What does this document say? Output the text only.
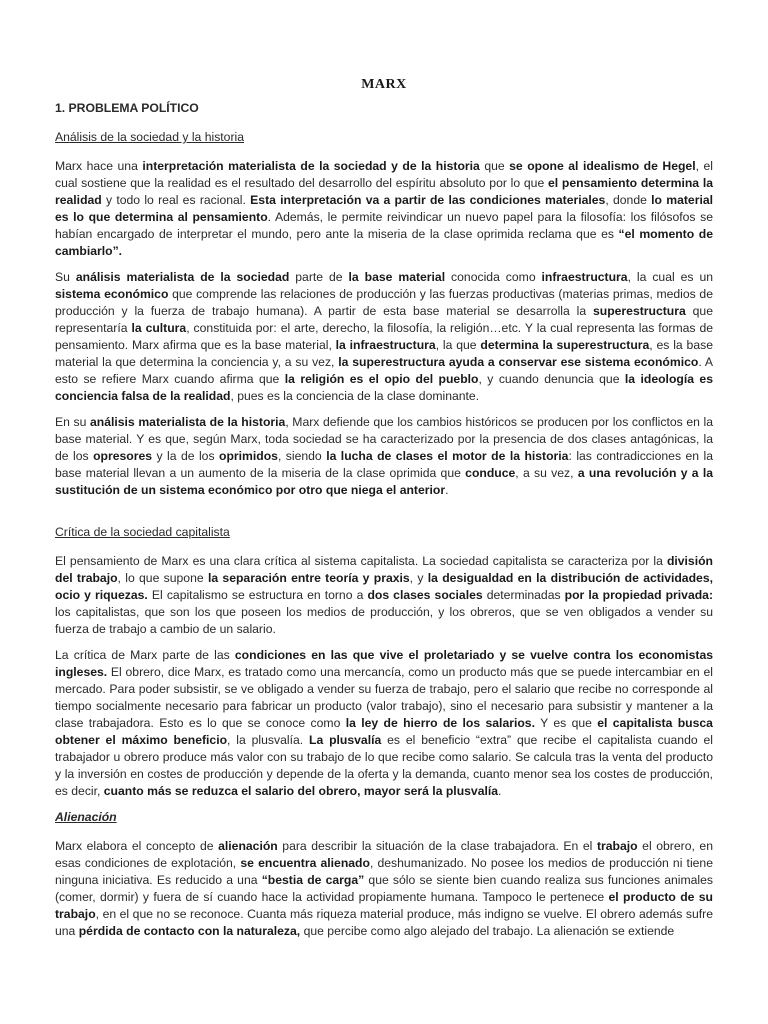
MARX
1. PROBLEMA POLÍTICO
Análisis de la sociedad y la historia

Marx hace una interpretación materialista de la sociedad y de la historia que se opone al idealismo de Hegel, el cual sostiene que la realidad es el resultado del desarrollo del espíritu absoluto por lo que el pensamiento determina la realidad y todo lo real es racional. Esta interpretación va a partir de las condiciones materiales, donde lo material es lo que determina al pensamiento. Además, le permite reivindicar un nuevo papel para la filosofía: los filósofos se habían encargado de interpretar el mundo, pero ante la miseria de la clase oprimida reclama que es “el momento de cambiarlo”.

Su análisis materialista de la sociedad parte de la base material conocida como infraestructura, la cual es un sistema económico que comprende las relaciones de producción y las fuerzas productivas (materias primas, medios de producción y la fuerza de trabajo humana). A partir de esta base material se desarrolla la superestructura que representaría la cultura, constituida por: el arte, derecho, la filosofía, la religión…etc. Y la cual representa las formas de pensamiento. Marx afirma que es la base material, la infraestructura, la que determina la superestructura, es la base material la que determina la conciencia y, a su vez, la superestructura ayuda a conservar ese sistema económico. A esto se refiere Marx cuando afirma que la religión es el opio del pueblo, y cuando denuncia que la ideología es conciencia falsa de la realidad, pues es la conciencia de la clase dominante.

En su análisis materialista de la historia, Marx defiende que los cambios históricos se producen por los conflictos en la base material. Y es que, según Marx, toda sociedad se ha caracterizado por la presencia de dos clases antagónicas, la de los opresores y la de los oprimidos, siendo la lucha de clases el motor de la historia: las contradicciones en la base material llevan a un aumento de la miseria de la clase oprimida que conduce, a su vez, a una revolución y a la sustitución de un sistema económico por otro que niega el anterior.

Crítica de la sociedad capitalista

El pensamiento de Marx es una clara crítica al sistema capitalista. La sociedad capitalista se caracteriza por la división del trabajo, lo que supone la separación entre teoría y praxis, y la desigualdad en la distribución de actividades, ocio y riquezas. El capitalismo se estructura en torno a dos clases sociales determinadas por la propiedad privada: los capitalistas, que son los que poseen los medios de producción, y los obreros, que se ven obligados a vender su fuerza de trabajo a cambio de un salario.

La crítica de Marx parte de las condiciones en las que vive el proletariado y se vuelve contra los economistas ingleses. El obrero, dice Marx, es tratado como una mercancía, como un producto más que se puede intercambiar en el mercado. Para poder subsistir, se ve obligado a vender su fuerza de trabajo, pero el salario que recibe no corresponde al tiempo socialmente necesario para fabricar un producto (valor trabajo), sino el necesario para subsistir y mantener a la clase trabajadora. Esto es lo que se conoce como la ley de hierro de los salarios. Y es que el capitalista busca obtener el máximo beneficio, la plusvalía. La plusvalía es el beneficio “extra” que recibe el capitalista cuando el trabajador u obrero produce más valor con su trabajo de lo que recibe como salario. Se calcula tras la venta del producto y la inversión en costes de producción y depende de la oferta y la demanda, cuanto menor sea los costes de producción, es decir, cuanto más se reduzca el salario del obrero, mayor será la plusvalía.

Alienación

Marx elabora el concepto de alienación para describir la situación de la clase trabajadora. En el trabajo el obrero, en esas condiciones de explotación, se encuentra alienado, deshumanizado. No posee los medios de producción ni tiene ninguna iniciativa. Es reducido a una “bestia de carga” que sólo se siente bien cuando realiza sus funciones animales (comer, dormir) y fuera de sí cuando hace la actividad propiamente humana. Tampoco le pertenece el producto de su trabajo, en el que no se reconoce. Cuanta más riqueza material produce, más indigno se vuelve. El obrero además sufre una pérdida de contacto con la naturaleza, que percibe como algo alejado del trabajo. La alienación se extiende
